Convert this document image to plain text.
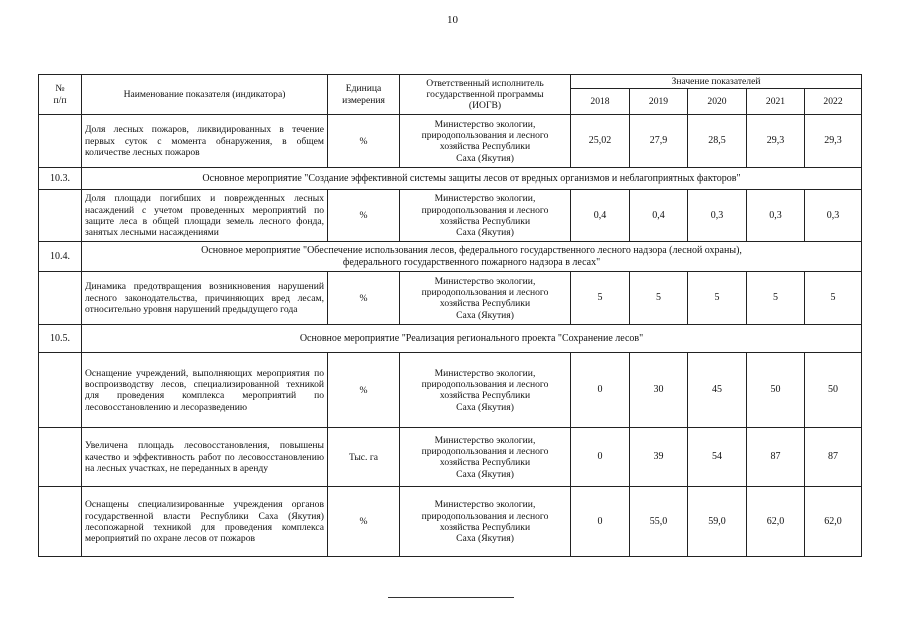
10
№
п/п	Наименование показателя (индикатора)	Единица
измерения	Ответственный исполнитель
государственной программы
(ИОГВ)	Значение показателей				
				2018	2019	2020	2021	2022
	Доля лесных пожаров, ликвидированных в течение первых суток с момента обнаружения, в общем количестве лесных пожаров	%	Министерство экологии,
природопользования и лесного
хозяйства Республики
Саха (Якутия)	25,02	27,9	28,5	29,3	29,3
10.3.	Основное мероприятие "Создание эффективной системы защиты лесов от вредных организмов и неблагоприятных факторов"							
	Доля площади погибших и поврежденных лесных насаждений с учетом проведенных мероприятий по защите леса в общей площади земель лесного фонда, занятых лесными насаждениями	%	Министерство экологии,
природопользования и лесного
хозяйства Республики
Саха (Якутия)	0,4	0,4	0,3	0,3	0,3
10.4.	Основное мероприятие "Обеспечение использования лесов, федерального государственного лесного надзора (лесной охраны),
федерального государственного пожарного надзора в лесах"							
	Динамика предотвращения возникновения нарушений лесного законодательства, причиняющих вред лесам, относительно уровня нарушений предыдущего года	%	Министерство экологии,
природопользования и лесного
хозяйства Республики
Саха (Якутия)	5	5	5	5	5
10.5.	Основное мероприятие "Реализация регионального проекта "Сохранение лесов"							
	Оснащение учреждений, выполняющих мероприятия по воспроизводству лесов, специализированной техникой для проведения комплекса мероприятий по лесовосстановлению и лесоразведению	%	Министерство экологии,
природопользования и лесного
хозяйства Республики
Саха (Якутия)	0	30	45	50	50
	Увеличена площадь лесовосстановления, повышены качество и эффективность работ по лесовосстановлению на лесных участках, не переданных в аренду	Тыс. га	Министерство экологии,
природопользования и лесного
хозяйства Республики
Саха (Якутия)	0	39	54	87	87
	Оснащены специализированные учреждения органов государственной власти Республики Саха (Якутия) лесопожарной техникой для проведения комплекса мероприятий по охране лесов от пожаров	%	Министерство экологии,
природопользования и лесного
хозяйства Республики
Саха (Якутия)	0	55,0	59,0	62,0	62,0
